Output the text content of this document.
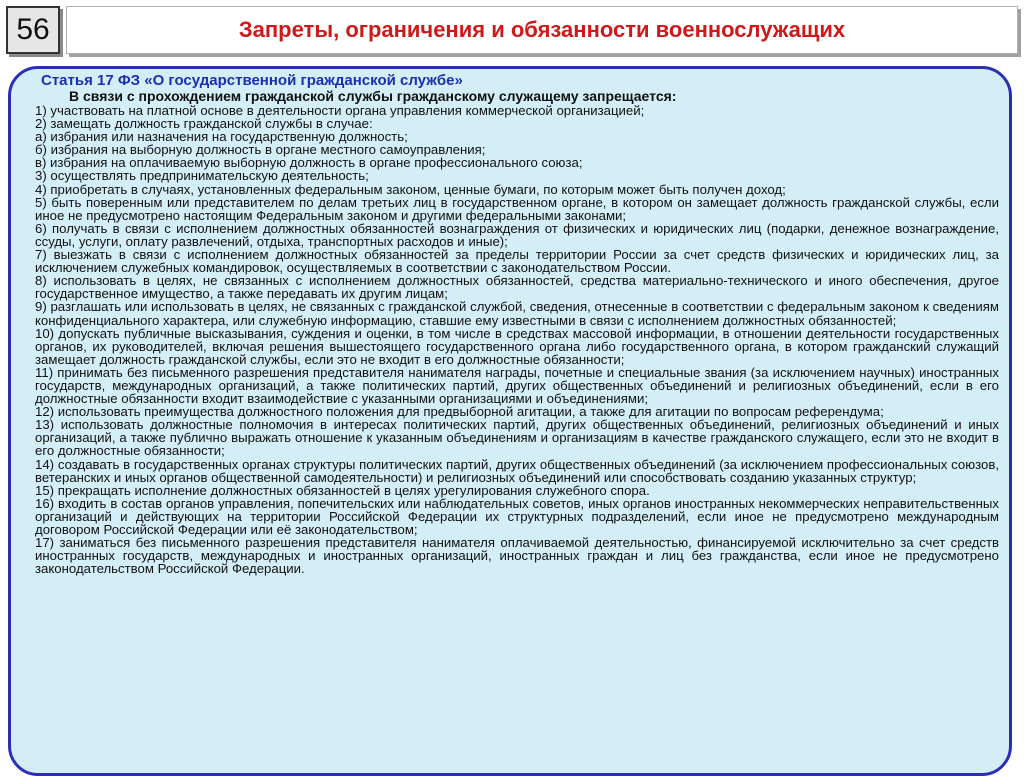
56	Запреты, ограничения и обязанности военнослужащих
Статья 17 ФЗ «О государственной гражданской службе»
В связи с прохождением гражданской службы гражданскому служащему запрещается:
1) участвовать на платной основе в деятельности органа управления коммерческой организацией;
2) замещать должность гражданской службы в случае:
а) избрания или назначения на государственную должность;
б) избрания на выборную должность в органе местного самоуправления;
в) избрания на оплачиваемую выборную должность в органе профессионального союза;
3) осуществлять предпринимательскую деятельность;
4) приобретать в случаях, установленных федеральным законом, ценные бумаги, по которым может быть получен доход;
5) быть поверенным или представителем по делам третьих лиц в государственном органе, в котором он замещает должность гражданской службы, если иное не предусмотрено настоящим Федеральным законом и другими федеральными законами;
6) получать в связи с исполнением должностных обязанностей вознаграждения от физических и юридических лиц (подарки, денежное вознаграждение, ссуды, услуги, оплату развлечений, отдыха, транспортных расходов и иные);
7) выезжать в связи с исполнением должностных обязанностей за пределы территории России за счет средств физических и юридических лиц, за исключением служебных командировок, осуществляемых в соответствии с законодательством России.
8) использовать в целях, не связанных с исполнением должностных обязанностей, средства материально-технического и иного обеспечения, другое государственное имущество, а также передавать их другим лицам;
9) разглашать или использовать в целях, не связанных с гражданской службой, сведения, отнесенные в соответствии с федеральным законом к сведениям конфиденциального характера, или служебную информацию, ставшие ему известными в связи с исполнением должностных обязанностей;
10) допускать публичные высказывания, суждения и оценки, в том числе в средствах массовой информации, в отношении деятельности государственных органов, их руководителей, включая решения вышестоящего государственного органа либо государственного органа, в котором гражданский служащий замещает должность гражданской службы, если это не входит в его должностные обязанности;
11) принимать без письменного разрешения представителя нанимателя награды, почетные и специальные звания (за исключением научных) иностранных государств, международных организаций, а также политических партий, других общественных объединений и религиозных объединений, если в его должностные обязанности входит взаимодействие с указанными организациями и объединениями;
12) использовать преимущества должностного положения для предвыборной агитации, а также для агитации по вопросам референдума;
13) использовать должностные полномочия в интересах политических партий, других общественных объединений, религиозных объединений и иных организаций, а также публично выражать отношение к указанным объединениям и организациям в качестве гражданского служащего, если это не входит в его должностные обязанности;
14) создавать в государственных органах структуры политических партий, других общественных объединений (за исключением профессиональных союзов, ветеранских и иных органов общественной самодеятельности) и религиозных объединений или способствовать созданию указанных структур;
15) прекращать исполнение должностных обязанностей в целях урегулирования служебного спора.
16) входить в состав органов управления, попечительских или наблюдательных советов, иных органов иностранных некоммерческих неправительственных организаций и действующих на территории Российской Федерации их структурных подразделений, если иное не предусмотрено международным договором Российской Федерации или её законодательством;
17) заниматься без письменного разрешения представителя нанимателя оплачиваемой деятельностью, финансируемой исключительно за счет средств иностранных государств, международных и иностранных организаций, иностранных граждан и лиц без гражданства, если иное не предусмотрено законодательством Российской Федерации.
